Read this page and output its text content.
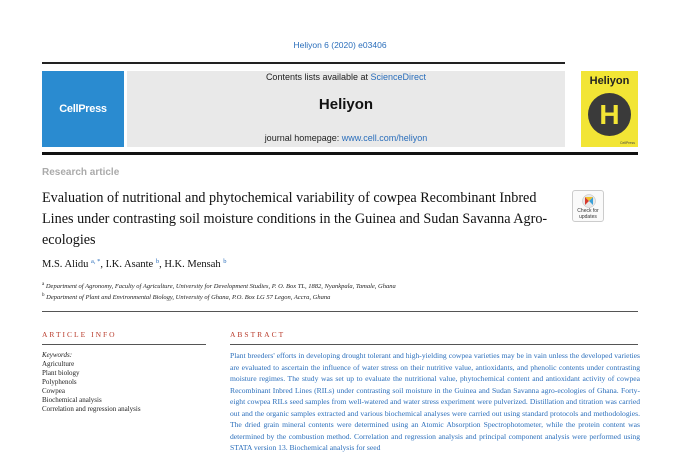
Heliyon 6 (2020) e03406
CellPress
Contents lists available at ScienceDirect
Heliyon
journal homepage: www.cell.com/heliyon
Heliyon
H
CellPress
Research article
Evaluation of nutritional and phytochemical variability of cowpea Recombinant Inbred Lines under contrasting soil moisture conditions in the Guinea and Sudan Savanna Agro-ecologies
Check for
updates
M.S. Alidu $^{a, *}$, I.K. Asante $^b$, H.K. Mensah $^b$
$^a$ Department of Agronomy, Faculty of Agriculture, University for Development Studies, P. O. Box TL, 1882, Nyankpala, Tamale, Ghana
$^b$ Department of Plant and Environmental Biology, University of Ghana, P.O. Box LG 57 Legon, Accra, Ghana
ARTICLE INFO
Keywords:
Agriculture
Plant biology
Polyphenols
Cowpea
Biochemical analysis
Correlation and regression analysis
ABSTRACT

Plant breeders' efforts in developing drought tolerant and high-yielding cowpea varieties may be in vain unless the developed varieties are evaluated to ascertain the influence of water stress on their nutritive value, antioxidants, and phenolic contents under contrasting moisture regimes. The study was set up to evaluate the nutritional value, phytochemical content and antioxidant activity of cowpea Recombinant Inbred Lines (RILs) under contrasting soil moisture in the Guinea and Sudan Savanna agro-ecologies of Ghana. Forty-eight cowpea RILs seed samples from well-watered and water stress experiment were pulverized. Distillation and titration was carried out and the organic samples extracted and various biochemical analyses were carried out using standard protocols and methodologies. The dried grain mineral contents were determined using an Atomic Absorption Spectrophotometer, while the protein content was determined by the combustion method. Correlation and regression analysis and principal component analysis were performed using STATA version 13. Biochemical analysis for seed
